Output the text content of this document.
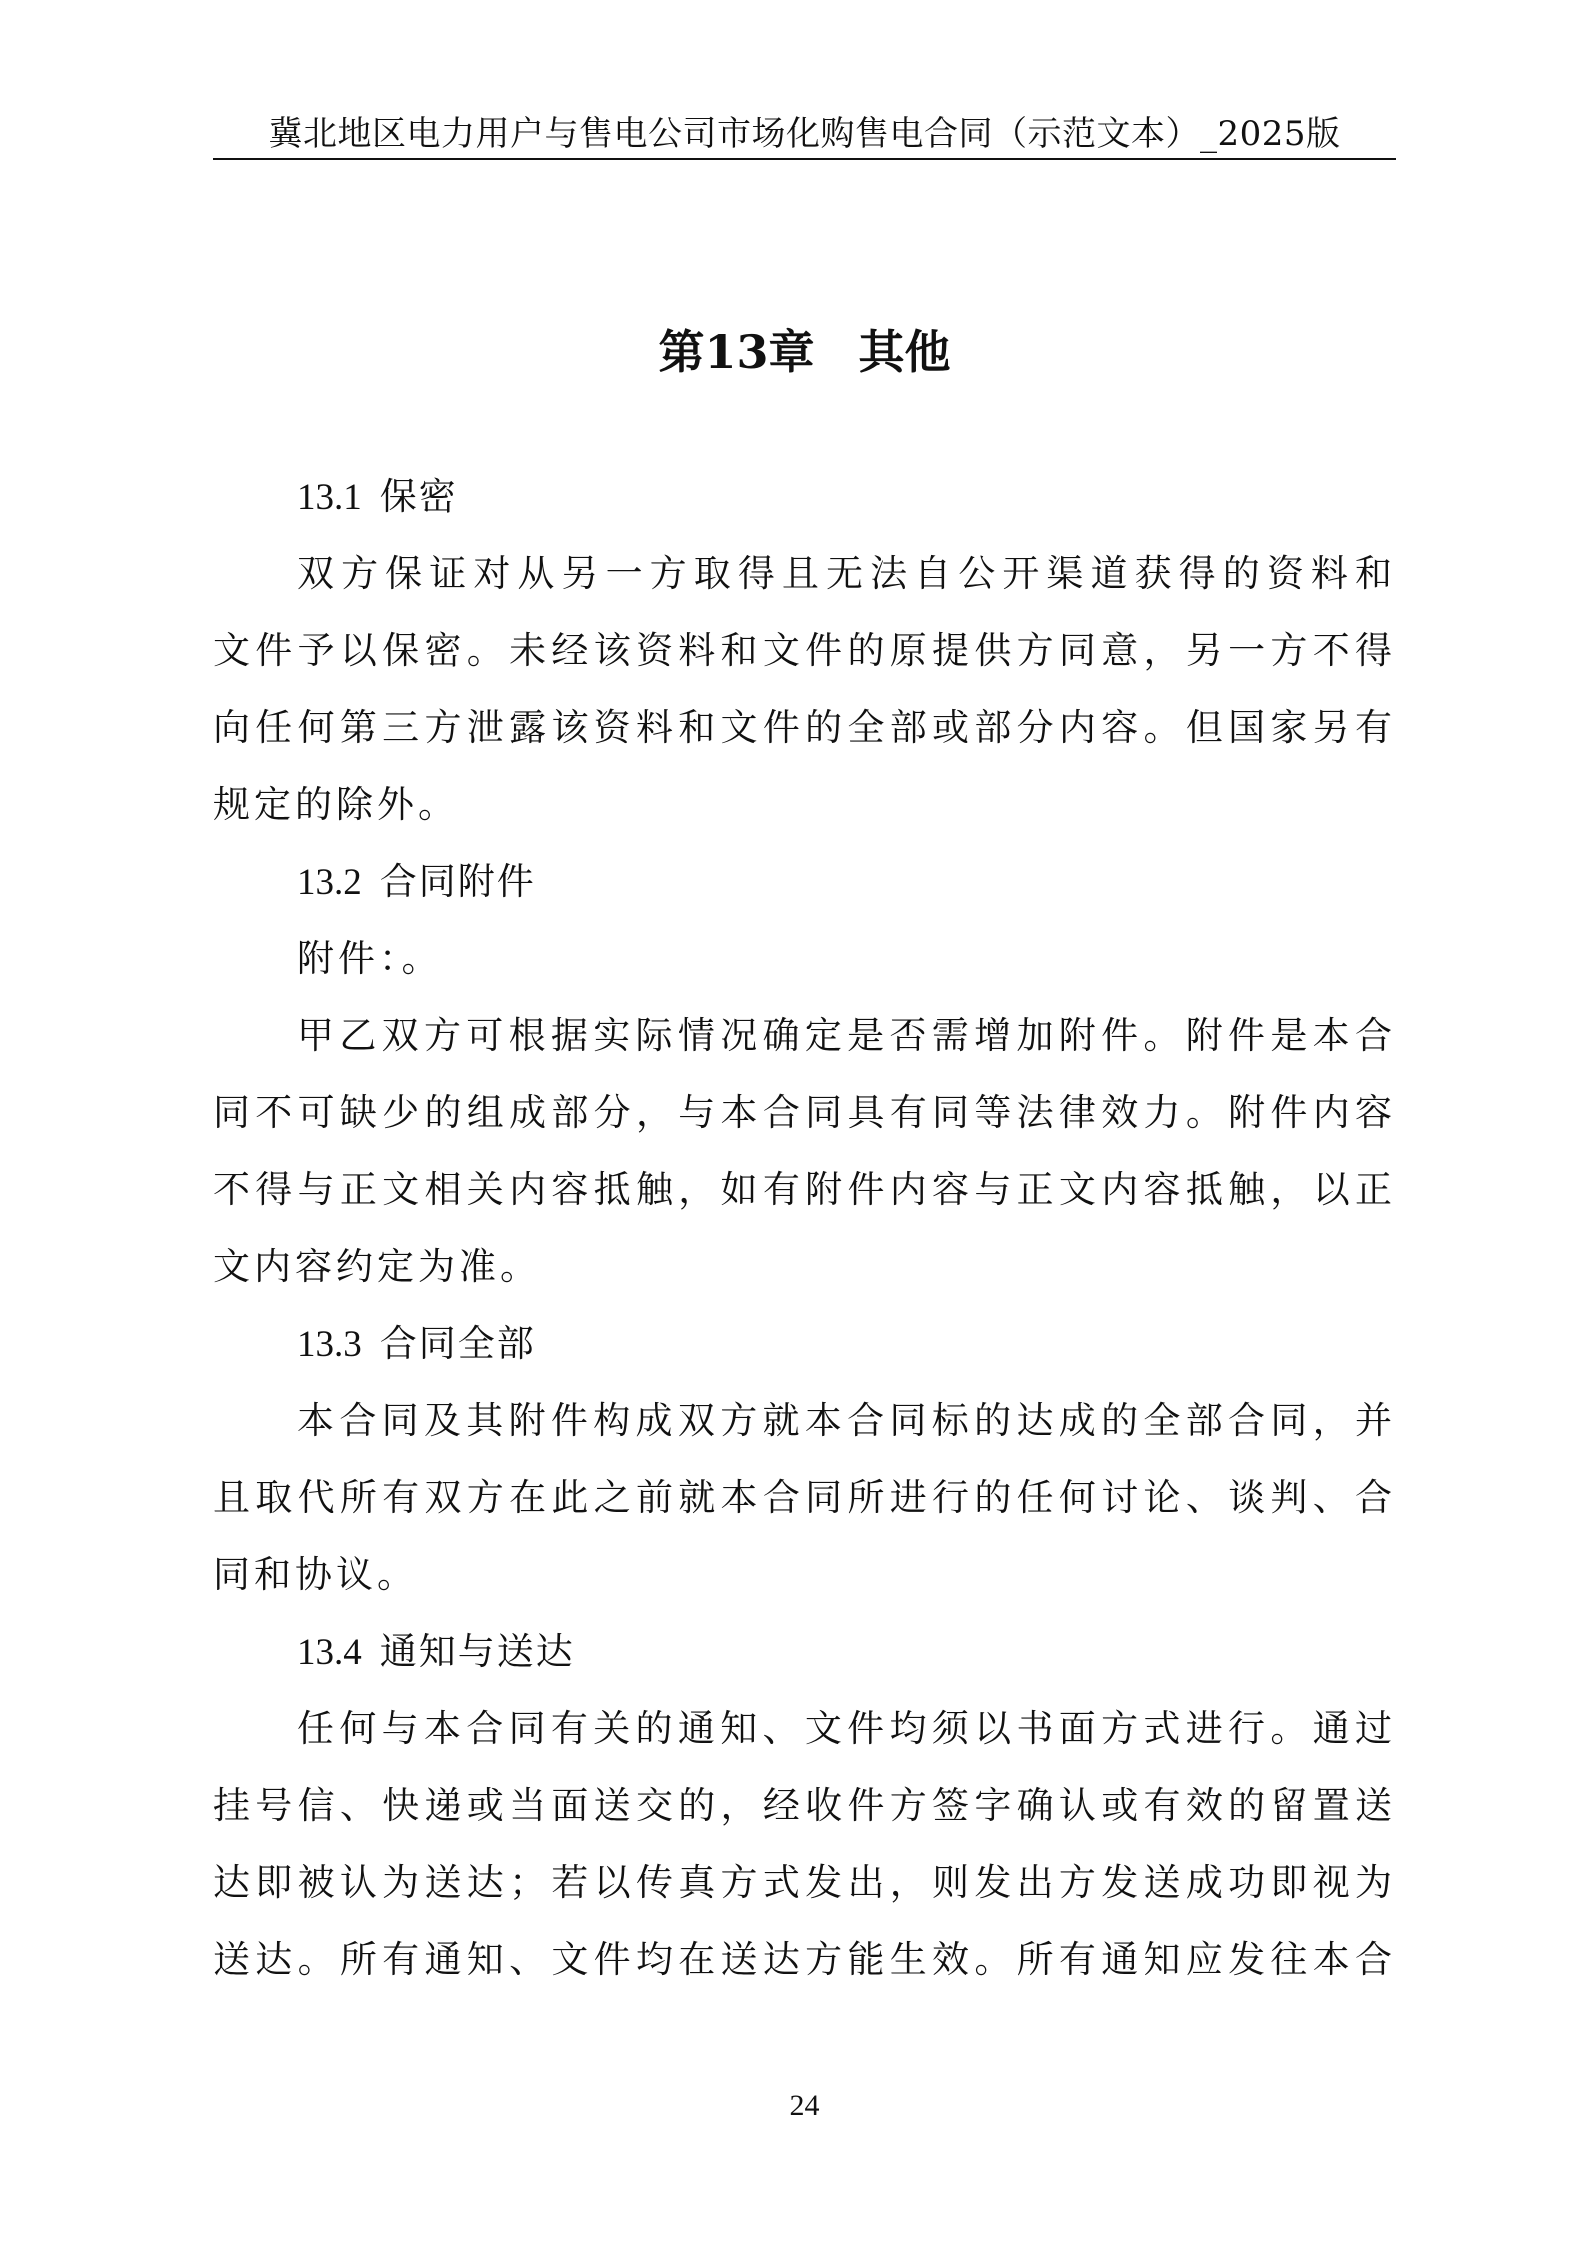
冀北地区电力用户与售电公司市场化购售电合同（示范文本）_2025版
第13章 其他
13.1 保密
双方保证对从另一方取得且无法自公开渠道获得的资料和
文件予以保密。未经该资料和文件的原提供方同意，另一方不得
向任何第三方泄露该资料和文件的全部或部分内容。但国家另有
规定的除外。
13.2 合同附件
附件：。
甲乙双方可根据实际情况确定是否需增加附件。附件是本合
同不可缺少的组成部分，与本合同具有同等法律效力。附件内容
不得与正文相关内容抵触，如有附件内容与正文内容抵触，以正
文内容约定为准。
13.3 合同全部
本合同及其附件构成双方就本合同标的达成的全部合同，并
且取代所有双方在此之前就本合同所进行的任何讨论、谈判、合
同和协议。
13.4 通知与送达
任何与本合同有关的通知、文件均须以书面方式进行。通过
挂号信、快递或当面送交的，经收件方签字确认或有效的留置送
达即被认为送达；若以传真方式发出，则发出方发送成功即视为
送达。所有通知、文件均在送达方能生效。所有通知应发往本合
24
